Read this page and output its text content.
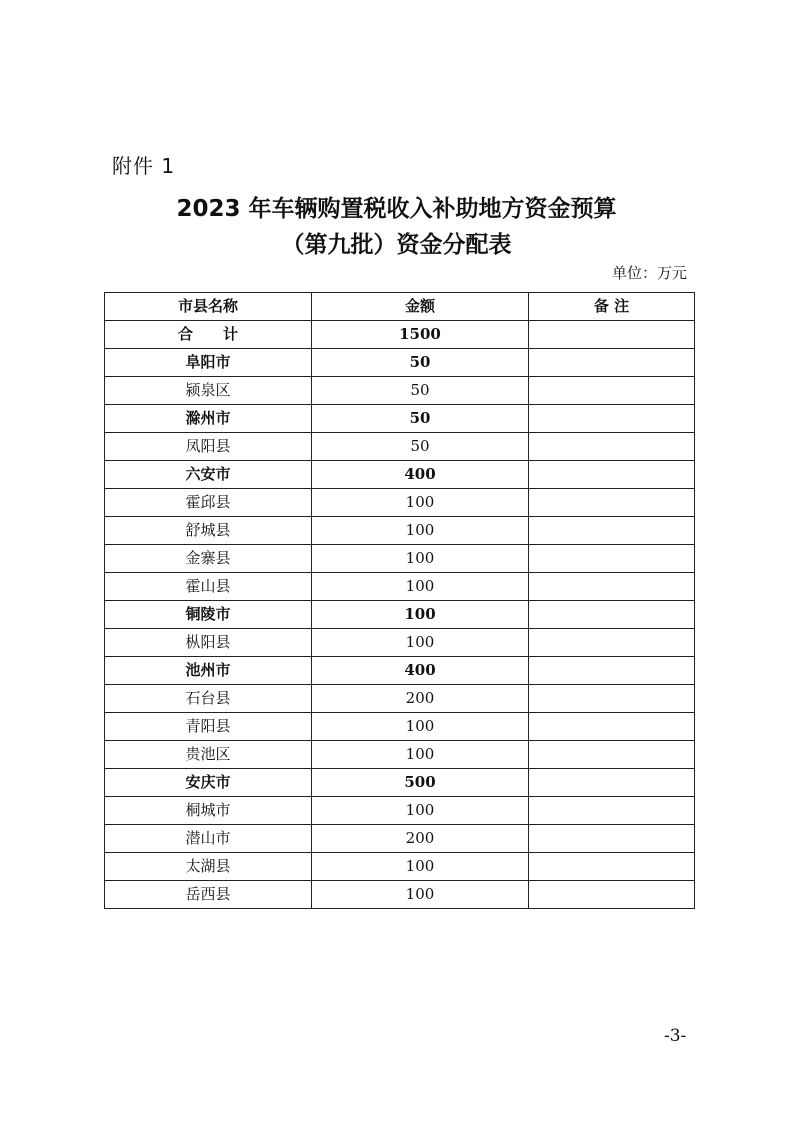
附件 1
2023 年车辆购置税收入补助地方资金预算
（第九批）资金分配表
单位：万元
市县名称	金额	备 注
合　　计	1500	
阜阳市	50	
颍泉区	50	
滁州市	50	
凤阳县	50	
六安市	400	
霍邱县	100	
舒城县	100	
金寨县	100	
霍山县	100	
铜陵市	100	
枞阳县	100	
池州市	400	
石台县	200	
青阳县	100	
贵池区	100	
安庆市	500	
桐城市	100	
潜山市	200	
太湖县	100	
岳西县	100	
-3-
